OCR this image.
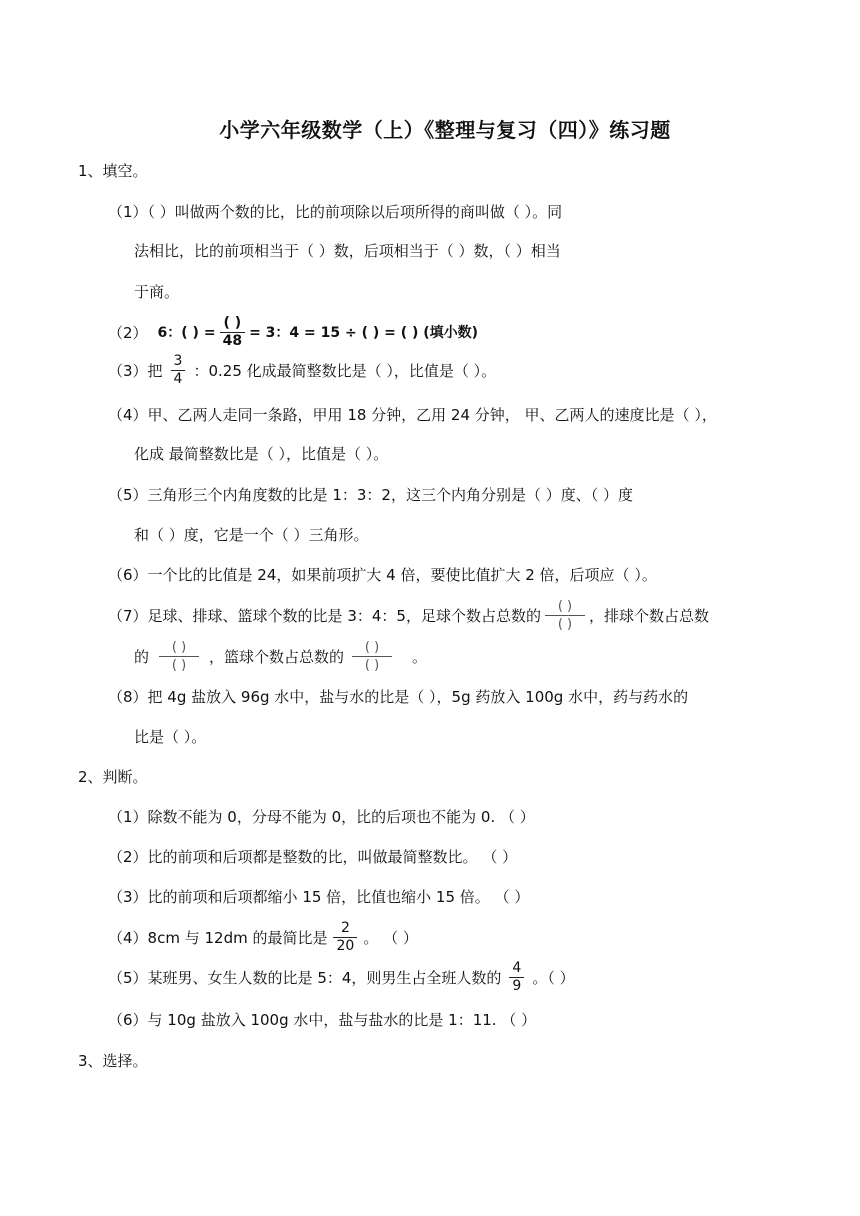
小学六年级数学（上）《整理与复习（四）》练习题
1、填空。
（1）（ ）叫做两个数的比，比的前项除以后项所得的商叫做（ ）。同
法相比，比的前项相当于（ ）数，后项相当于（ ）数，（ ）相当
于商。
（2） 6：( ) = $\frac{( )}{48} = 3$：4 = 15 ÷ ( ) = ( ) (填小数)
（3）把 $\frac{3}{4}$ ：0.25 化成最简整数比是（ ），比值是（ ）。
（4）甲、乙两人走同一条路，甲用 18 分钟，乙用 24 分钟， 甲、乙两人的速度比是（ ），
化成 最简整数比是（ ），比值是（ ）。
（5）三角形三个内角度数的比是 1：3：2，这三个内角分别是（ ）度、（ ）度
和（ ）度，它是一个（ ）三角形。
（6）一个比的比值是 24，如果前项扩大 4 倍，要使比值扩大 2 倍，后项应（ ）。
（7）足球、排球、篮球个数的比是 3：4：5，足球个数占总数的 ( )
( ) ，排球个数占总数
的 ( )
( ) ，篮球个数占总数的 ( )
( ) 。
（8）把 4g 盐放入 96g 水中，盐与水的比是（ ），5g 药放入 100g 水中，药与药水的
比是（ ）。
2、判断。
（1）除数不能为 0，分母不能为 0，比的后项也不能为 0. （ ）
（2）比的前项和后项都是整数的比，叫做最简整数比。 （ ）
（3）比的前项和后项都缩小 15 倍，比值也缩小 15 倍。 （ ）
（4）8cm 与 12dm 的最简比是 $\frac{2}{20}$ 。 （ ）
（5）某班男、女生人数的比是 5：4，则男生占全班人数的 $\frac{4}{9}$ 。（ ）
（6）与 10g 盐放入 100g 水中，盐与盐水的比是 1：11. （ ）
3、选择。
